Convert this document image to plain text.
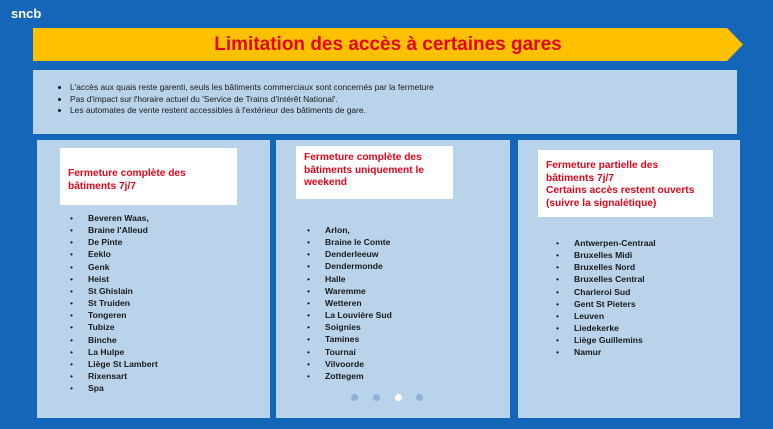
sncb
Limitation des accès à certaines gares
• L'accès aux quais reste garenti, seuls les bâtiments commerciaux sont concernés par la fermeture
• Pas d'impact sur l'horaire actuel du 'Service de Trains d'Intérêt National'.
• Les automates de vente restent accessibles à l'extérieur des bâtiments de gare.
Fermeture complète des bâtiments 7j/7
• Beveren Waas,
• Braine l'Alleud
• De Pinte
• Eeklo
• Genk
• Heist
• St Ghislain
• St Truiden
• Tongeren
• Tubize
• Binche
• La Hulpe
• Liège St Lambert
• Rixensart
• Spa
Fermeture complète des bâtiments uniquement le weekend
• Arlon,
• Braine le Comte
• Denderleeuw
• Dendermonde
• Halle
• Waremme
• Wetteren
• La Louvière Sud
• Soignies
• Tamines
• Tournai
• Vilvoorde
• Zottegem
Fermeture partielle des bâtiments 7j/7
Certains accès restent ouverts (suivre la signalétique)
• Antwerpen-Centraal
• Bruxelles Midi
• Bruxelles Nord
• Bruxelles Central
• Charleroi Sud
• Gent St Pieters
• Leuven
• Liedekerke
• Liège Guillemins
• Namur
